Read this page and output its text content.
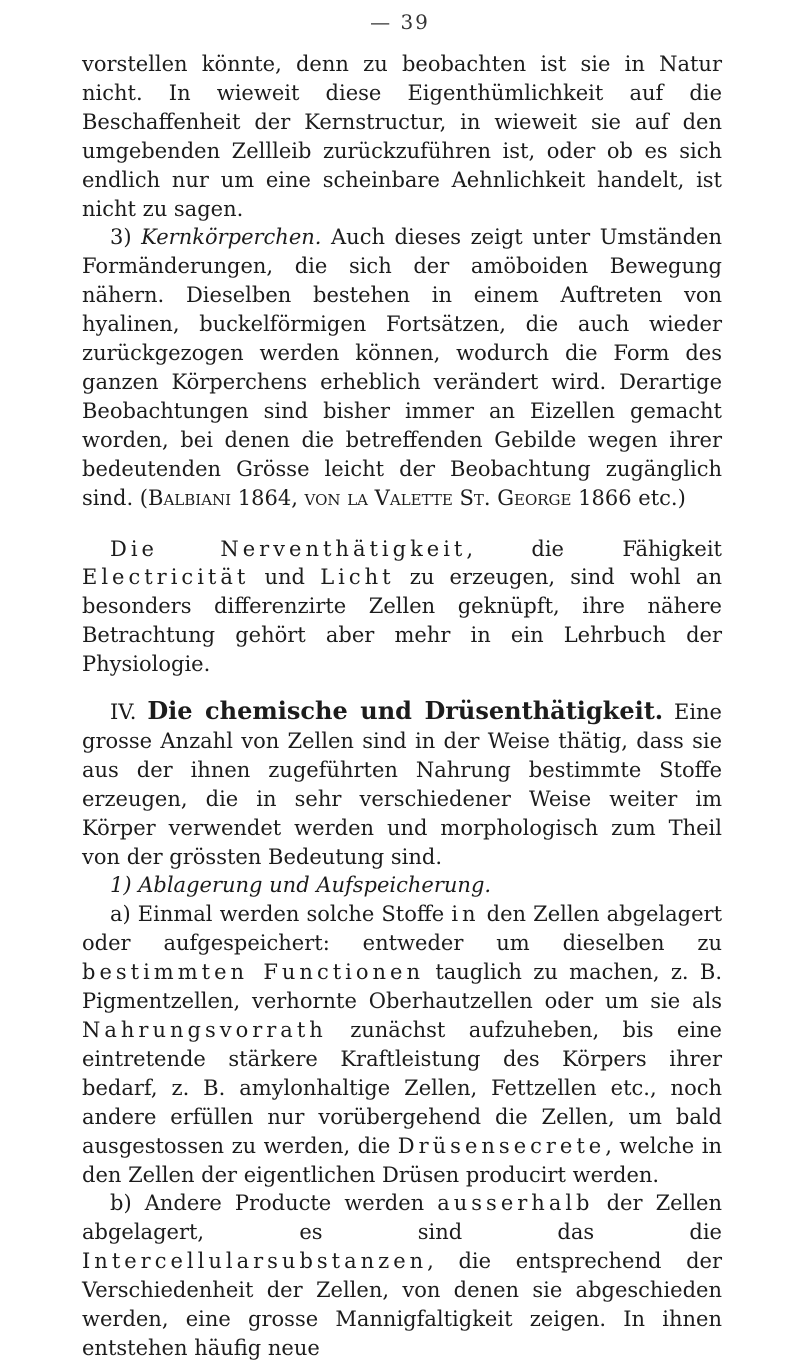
— 39

vorstellen könnte, denn zu beobachten ist sie in Natur nicht. In wieweit diese Eigenthümlichkeit auf die Beschaffenheit der Kernstructur, in wieweit sie auf den umgebenden Zellleib zurückzuführen ist, oder ob es sich endlich nur um eine scheinbare Aehnlichkeit handelt, ist nicht zu sagen.

3) Kernkörperchen. Auch dieses zeigt unter Umständen Formänderungen, die sich der amöboiden Bewegung nähern. Dieselben bestehen in einem Auftreten von hyalinen, buckelförmigen Fortsätzen, die auch wieder zurückgezogen werden können, wodurch die Form des ganzen Körperchens erheblich verändert wird. Derartige Beobachtungen sind bisher immer an Eizellen gemacht worden, bei denen die betreffenden Gebilde wegen ihrer bedeutenden Grösse leicht der Beobachtung zugänglich sind. (Balbiani 1864, von la Valette St. George 1866 etc.)

Die Nerventhätigkeit, die Fähigkeit Electricität und Licht zu erzeugen, sind wohl an besonders differenzirte Zellen geknüpft, ihre nähere Betrachtung gehört aber mehr in ein Lehrbuch der Physiologie.

IV. Die chemische und Drüsenthätigkeit. Eine grosse Anzahl von Zellen sind in der Weise thätig, dass sie aus der ihnen zugeführten Nahrung bestimmte Stoffe erzeugen, die in sehr verschiedener Weise weiter im Körper verwendet werden und morphologisch zum Theil von der grössten Bedeutung sind.

1) Ablagerung und Aufspeicherung.

a) Einmal werden solche Stoffe in den Zellen abgelagert oder aufgespeichert: entweder um dieselben zu bestimmten Functionen tauglich zu machen, z. B. Pigmentzellen, verhornte Oberhautzellen oder um sie als Nahrungsvorrath zunächst aufzuheben, bis eine eintretende stärkere Kraftleistung des Körpers ihrer bedarf, z. B. amylonhaltige Zellen, Fettzellen etc., noch andere erfüllen nur vorübergehend die Zellen, um bald ausgestossen zu werden, die Drüsensecrete, welche in den Zellen der eigentlichen Drüsen producirt werden.

b) Andere Producte werden ausserhalb der Zellen abgelagert, es sind das die Intercellularsubstanzen, die entsprechend der Verschiedenheit der Zellen, von denen sie abgeschieden werden, eine grosse Mannigfaltigkeit zeigen. In ihnen entstehen häufig neue
